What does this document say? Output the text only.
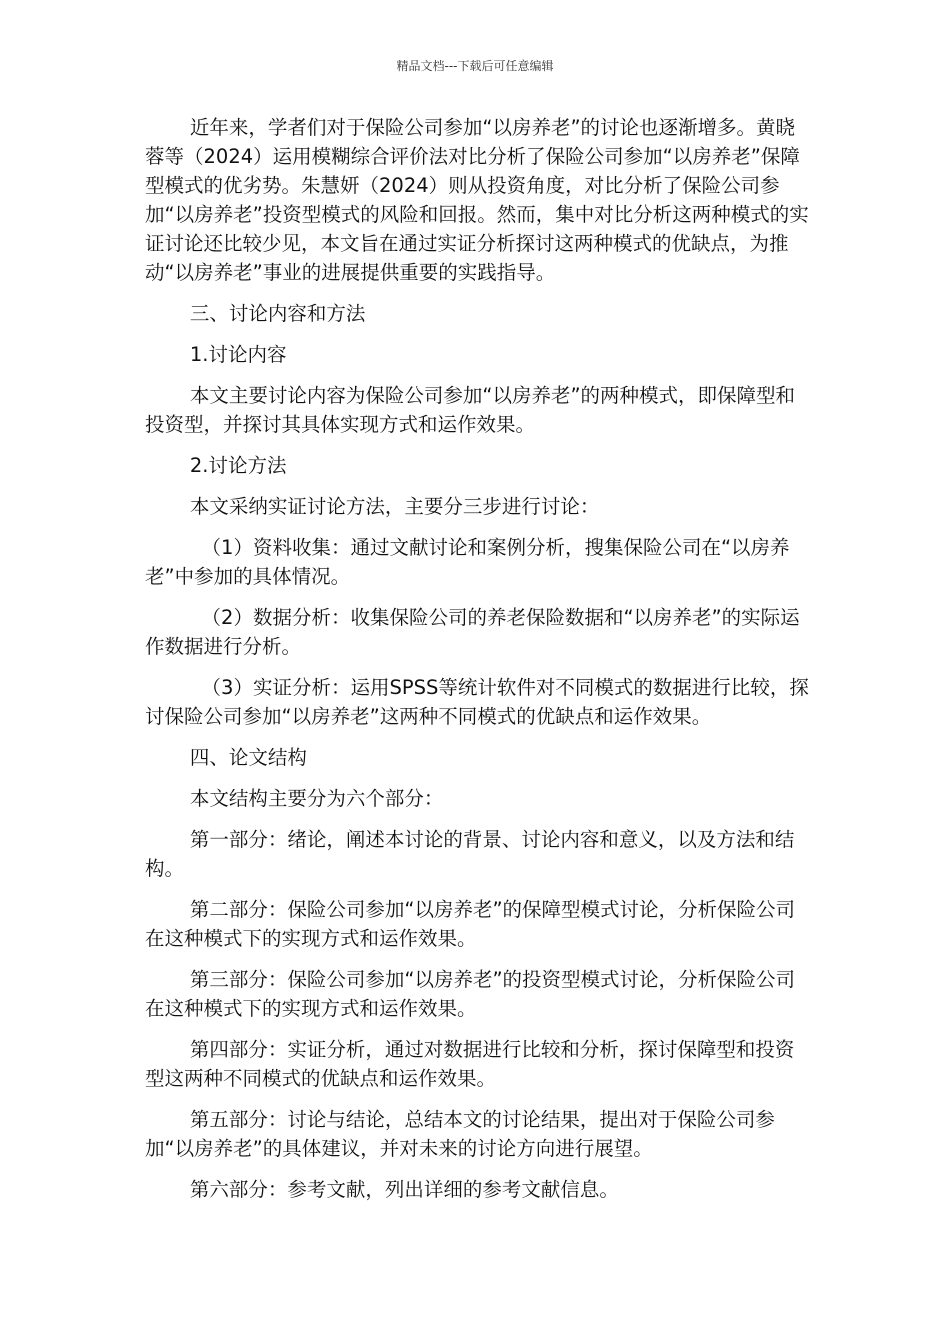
精品文档---下载后可任意编辑

近年来，学者们对于保险公司参加“以房养老”的讨论也逐渐增多。黄晓蓉等（2024）运用模糊综合评价法对比分析了保险公司参加“以房养老”保障型模式的优劣势。朱慧妍（2024）则从投资角度，对比分析了保险公司参加“以房养老”投资型模式的风险和回报。然而，集中对比分析这两种模式的实证讨论还比较少见，本文旨在通过实证分析探讨这两种模式的优缺点，为推动“以房养老”事业的进展提供重要的实践指导。

三、讨论内容和方法

1.讨论内容

本文主要讨论内容为保险公司参加“以房养老”的两种模式，即保障型和投资型，并探讨其具体实现方式和运作效果。

2.讨论方法

本文采纳实证讨论方法，主要分三步进行讨论：

（1）资料收集：通过文献讨论和案例分析，搜集保险公司在“以房养老”中参加的具体情况。

（2）数据分析：收集保险公司的养老保险数据和“以房养老”的实际运作数据进行分析。

（3）实证分析：运用SPSS等统计软件对不同模式的数据进行比较，探讨保险公司参加“以房养老”这两种不同模式的优缺点和运作效果。

四、论文结构

本文结构主要分为六个部分：

第一部分：绪论，阐述本讨论的背景、讨论内容和意义，以及方法和结构。

第二部分：保险公司参加“以房养老”的保障型模式讨论，分析保险公司在这种模式下的实现方式和运作效果。

第三部分：保险公司参加“以房养老”的投资型模式讨论，分析保险公司在这种模式下的实现方式和运作效果。

第四部分：实证分析，通过对数据进行比较和分析，探讨保障型和投资型这两种不同模式的优缺点和运作效果。

第五部分：讨论与结论，总结本文的讨论结果，提出对于保险公司参加“以房养老”的具体建议，并对未来的讨论方向进行展望。

第六部分：参考文献，列出详细的参考文献信息。
